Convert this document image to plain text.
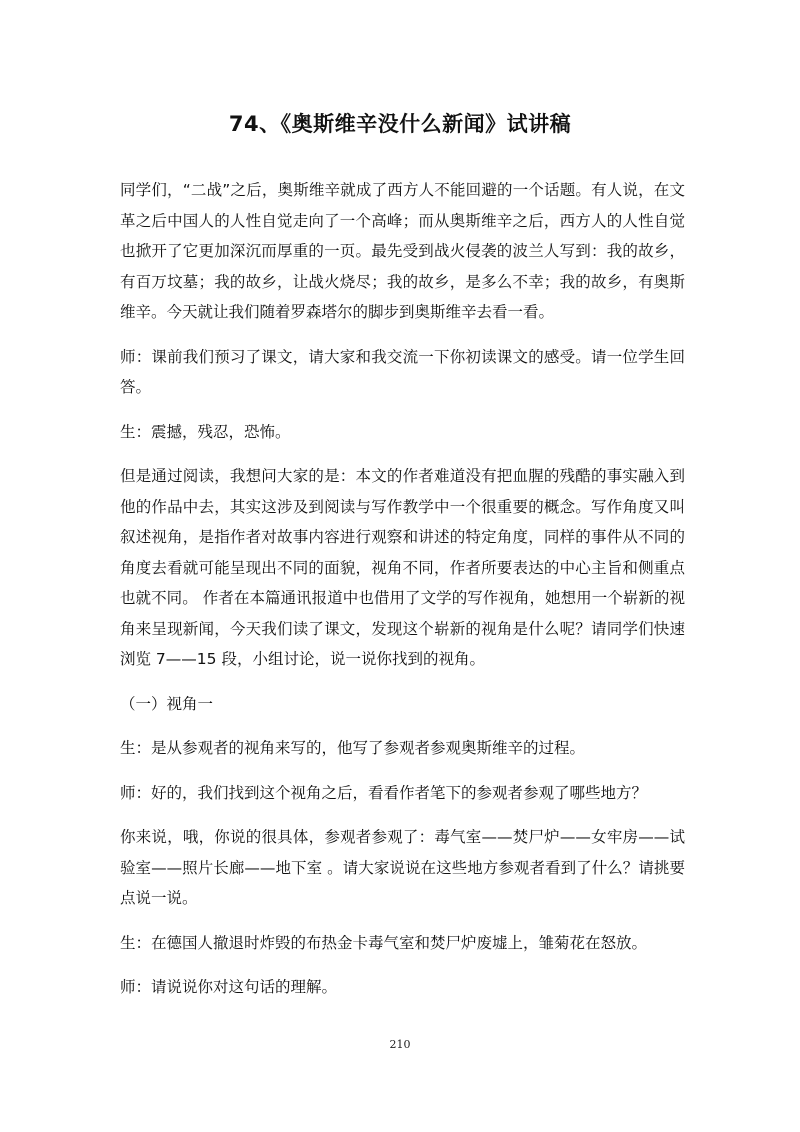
74、《奥斯维辛没什么新闻》试讲稿

同学们，“二战”之后，奥斯维辛就成了西方人不能回避的一个话题。有人说，在文革之后中国人的人性自觉走向了一个高峰；而从奥斯维辛之后，西方人的人性自觉也掀开了它更加深沉而厚重的一页。最先受到战火侵袭的波兰人写到：我的故乡，有百万坟墓；我的故乡，让战火烧尽；我的故乡，是多么不幸；我的故乡，有奥斯维辛。今天就让我们随着罗森塔尔的脚步到奥斯维辛去看一看。

师：课前我们预习了课文，请大家和我交流一下你初读课文的感受。请一位学生回答。

生：震撼，残忍，恐怖。

但是通过阅读，我想问大家的是：本文的作者难道没有把血腥的残酷的事实融入到他的作品中去，其实这涉及到阅读与写作教学中一个很重要的概念。写作角度又叫叙述视角，是指作者对故事内容进行观察和讲述的特定角度，同样的事件从不同的角度去看就可能呈现出不同的面貌，视角不同，作者所要表达的中心主旨和侧重点也就不同。 作者在本篇通讯报道中也借用了文学的写作视角，她想用一个崭新的视角来呈现新闻，今天我们读了课文，发现这个崭新的视角是什么呢？请同学们快速浏览 7——15 段，小组讨论，说一说你找到的视角。

（一）视角一

生：是从参观者的视角来写的，他写了参观者参观奥斯维辛的过程。

师：好的，我们找到这个视角之后，看看作者笔下的参观者参观了哪些地方？

你来说，哦，你说的很具体，参观者参观了：毒气室——焚尸炉——女牢房——试验室——照片长廊——地下室 。请大家说说在这些地方参观者看到了什么？请挑要点说一说。

生：在德国人撤退时炸毁的布热金卡毒气室和焚尸炉废墟上，雏菊花在怒放。

师：请说说你对这句话的理解。

210
